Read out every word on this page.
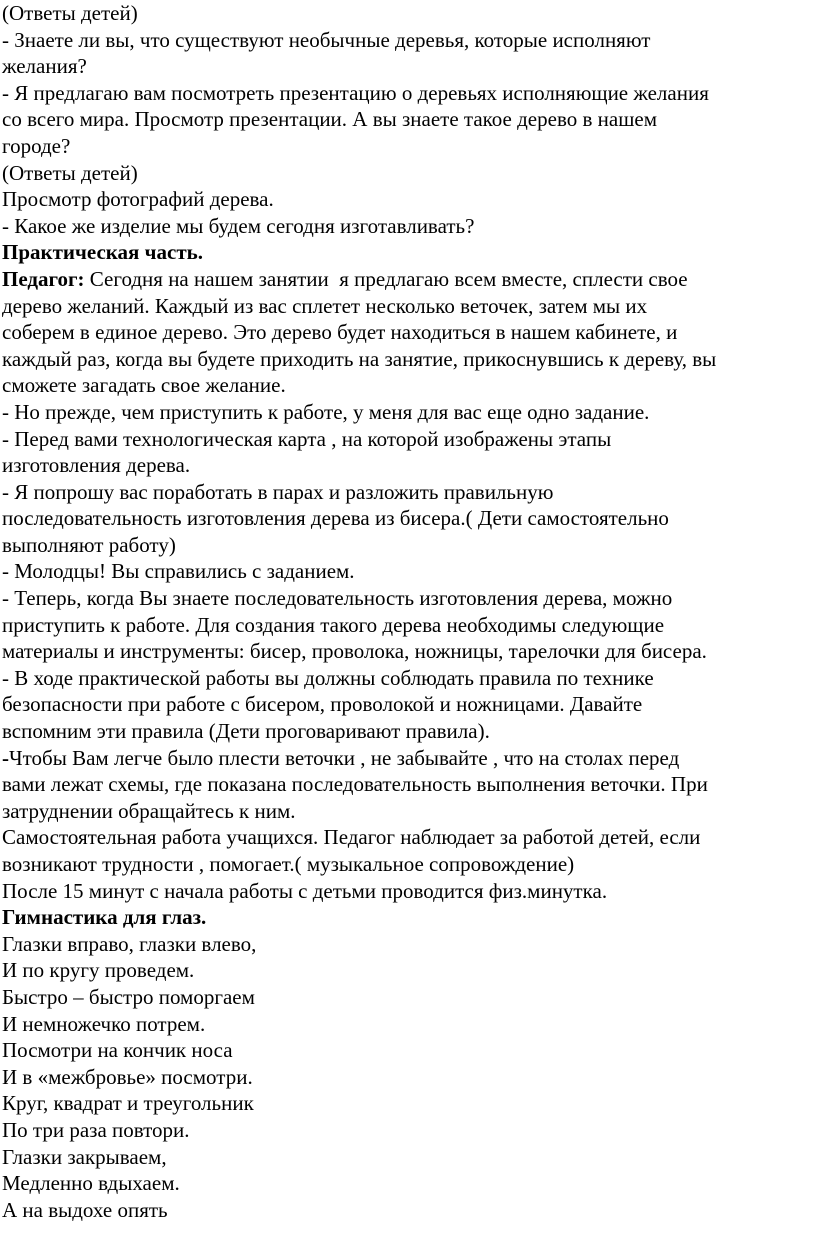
(Ответы детей)
- Знаете ли вы, что существуют необычные деревья, которые исполняют
желания?
- Я предлагаю вам посмотреть презентацию о деревьях исполняющие желания
со всего мира. Просмотр презентации. А вы знаете такое дерево в нашем
городе?
(Ответы детей)
Просмотр фотографий дерева.
- Какое же изделие мы будем сегодня изготавливать?
Практическая часть.
Педагог: Сегодня на нашем занятии  я предлагаю всем вместе, сплести свое
дерево желаний. Каждый из вас сплетет несколько веточек, затем мы их
соберем в единое дерево. Это дерево будет находиться в нашем кабинете, и
каждый раз, когда вы будете приходить на занятие, прикоснувшись к дереву, вы
сможете загадать свое желание.
- Но прежде, чем приступить к работе, у меня для вас еще одно задание.
- Перед вами технологическая карта , на которой изображены этапы
изготовления дерева.
- Я попрошу вас поработать в парах и разложить правильную
последовательность изготовления дерева из бисера.( Дети самостоятельно
выполняют работу)
- Молодцы! Вы справились с заданием.
- Теперь, когда Вы знаете последовательность изготовления дерева, можно
приступить к работе. Для создания такого дерева необходимы следующие
материалы и инструменты: бисер, проволока, ножницы, тарелочки для бисера.
- В ходе практической работы вы должны соблюдать правила по технике
безопасности при работе с бисером, проволокой и ножницами. Давайте
вспомним эти правила (Дети проговаривают правила).
-Чтобы Вам легче было плести веточки , не забывайте , что на столах перед
вами лежат схемы, где показана последовательность выполнения веточки. При
затруднении обращайтесь к ним.
Самостоятельная работа учащихся. Педагог наблюдает за работой детей, если
возникают трудности , помогает.( музыкальное сопровождение)
После 15 минут с начала работы с детьми проводится физ.минутка.
Гимнастика для глаз.
Глазки вправо, глазки влево,
И по кругу проведем.
Быстро – быстро поморгаем
И немножечко потрем.
Посмотри на кончик носа
И в «межбровье» посмотри.
Круг, квадрат и треугольник
По три раза повтори.
Глазки закрываем,
Медленно вдыхаем.
А на выдохе опять
